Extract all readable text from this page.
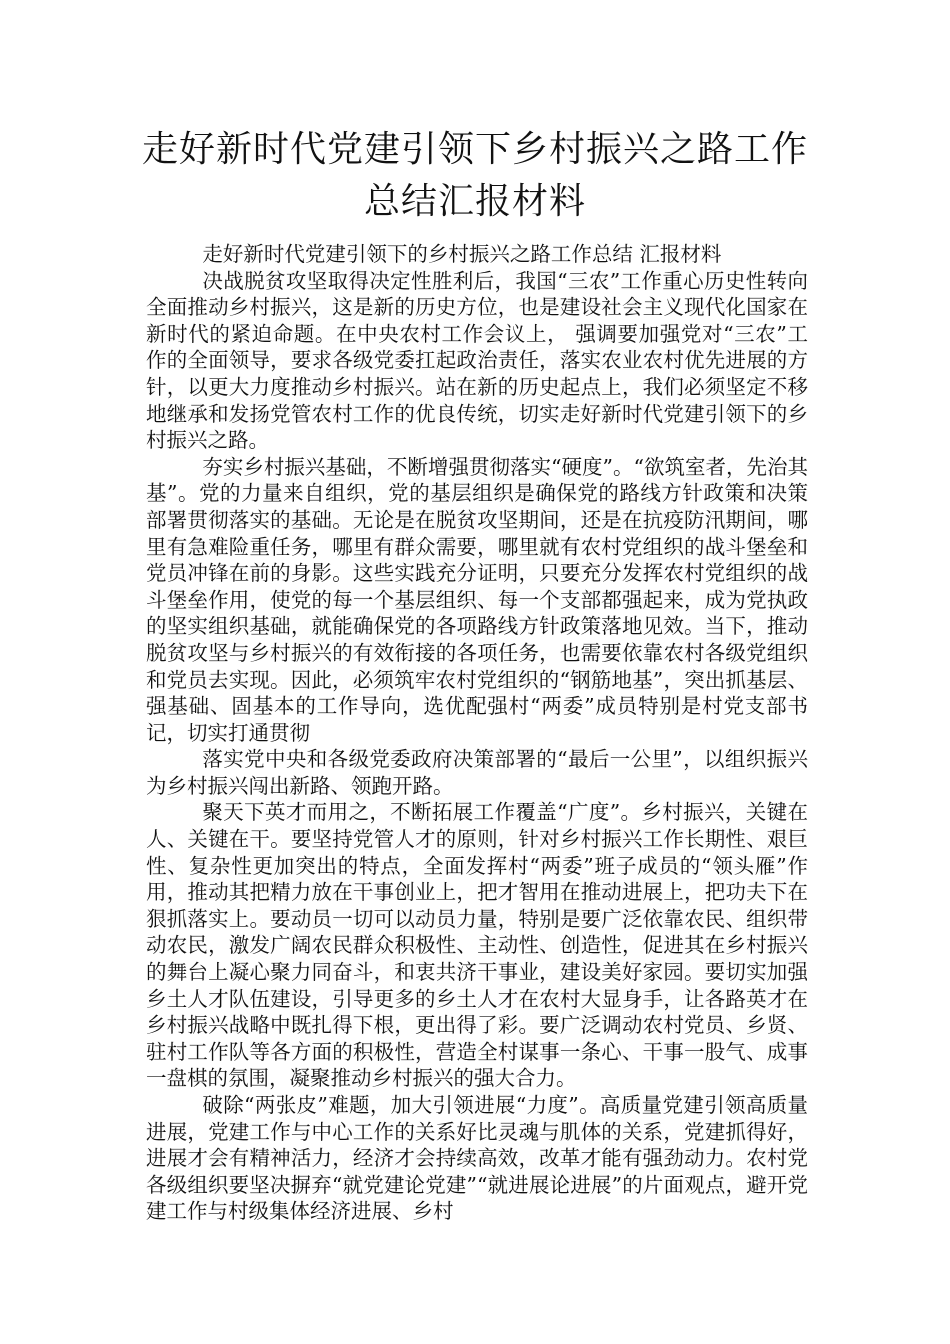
走好新时代党建引领下乡村振兴之路工作
总结汇报材料

走好新时代党建引领下的乡村振兴之路工作总结 汇报材料

决战脱贫攻坚取得决定性胜利后，我国“三农”工作重心历史性转向全面推动乡村振兴，这是新的历史方位，也是建设社会主义现代化国家在新时代的紧迫命题。在中央农村工作会议上， 强调要加强党对“三农”工作的全面领导，要求各级党委扛起政治责任，落实农业农村优先进展的方针，以更大力度推动乡村振兴。站在新的历史起点上，我们必须坚定不移地继承和发扬党管农村工作的优良传统，切实走好新时代党建引领下的乡村振兴之路。

夯实乡村振兴基础，不断增强贯彻落实“硬度”。“欲筑室者，先治其基”。党的力量来自组织，党的基层组织是确保党的路线方针政策和决策部署贯彻落实的基础。无论是在脱贫攻坚期间，还是在抗疫防汛期间，哪里有急难险重任务，哪里有群众需要，哪里就有农村党组织的战斗堡垒和党员冲锋在前的身影。这些实践充分证明，只要充分发挥农村党组织的战斗堡垒作用，使党的每一个基层组织、每一个支部都强起来，成为党执政的坚实组织基础，就能确保党的各项路线方针政策落地见效。当下，推动脱贫攻坚与乡村振兴的有效衔接的各项任务，也需要依靠农村各级党组织和党员去实现。因此，必须筑牢农村党组织的“钢筋地基”，突出抓基层、强基础、固基本的工作导向，选优配强村“两委”成员特别是村党支部书记，切实打通贯彻

落实党中央和各级党委政府决策部署的“最后一公里”，以组织振兴为乡村振兴闯出新路、领跑开路。

聚天下英才而用之，不断拓展工作覆盖“广度”。乡村振兴，关键在人、关键在干。要坚持党管人才的原则，针对乡村振兴工作长期性、艰巨性、复杂性更加突出的特点，全面发挥村“两委”班子成员的“领头雁”作用，推动其把精力放在干事创业上，把才智用在推动进展上，把功夫下在狠抓落实上。要动员一切可以动员力量，特别是要广泛依靠农民、组织带动农民，激发广阔农民群众积极性、主动性、创造性，促进其在乡村振兴的舞台上凝心聚力同奋斗，和衷共济干事业，建设美好家园。要切实加强乡土人才队伍建设，引导更多的乡土人才在农村大显身手，让各路英才在乡村振兴战略中既扎得下根，更出得了彩。要广泛调动农村党员、乡贤、驻村工作队等各方面的积极性，营造全村谋事一条心、干事一股气、成事一盘棋的氛围，凝聚推动乡村振兴的强大合力。

破除“两张皮”难题，加大引领进展“力度”。高质量党建引领高质量进展，党建工作与中心工作的关系好比灵魂与肌体的关系，党建抓得好，进展才会有精神活力，经济才会持续高效，改革才能有强劲动力。农村党各级组织要坚决摒弃“就党建论党建”“就进展论进展”的片面观点，避开党建工作与村级集体经济进展、乡村
